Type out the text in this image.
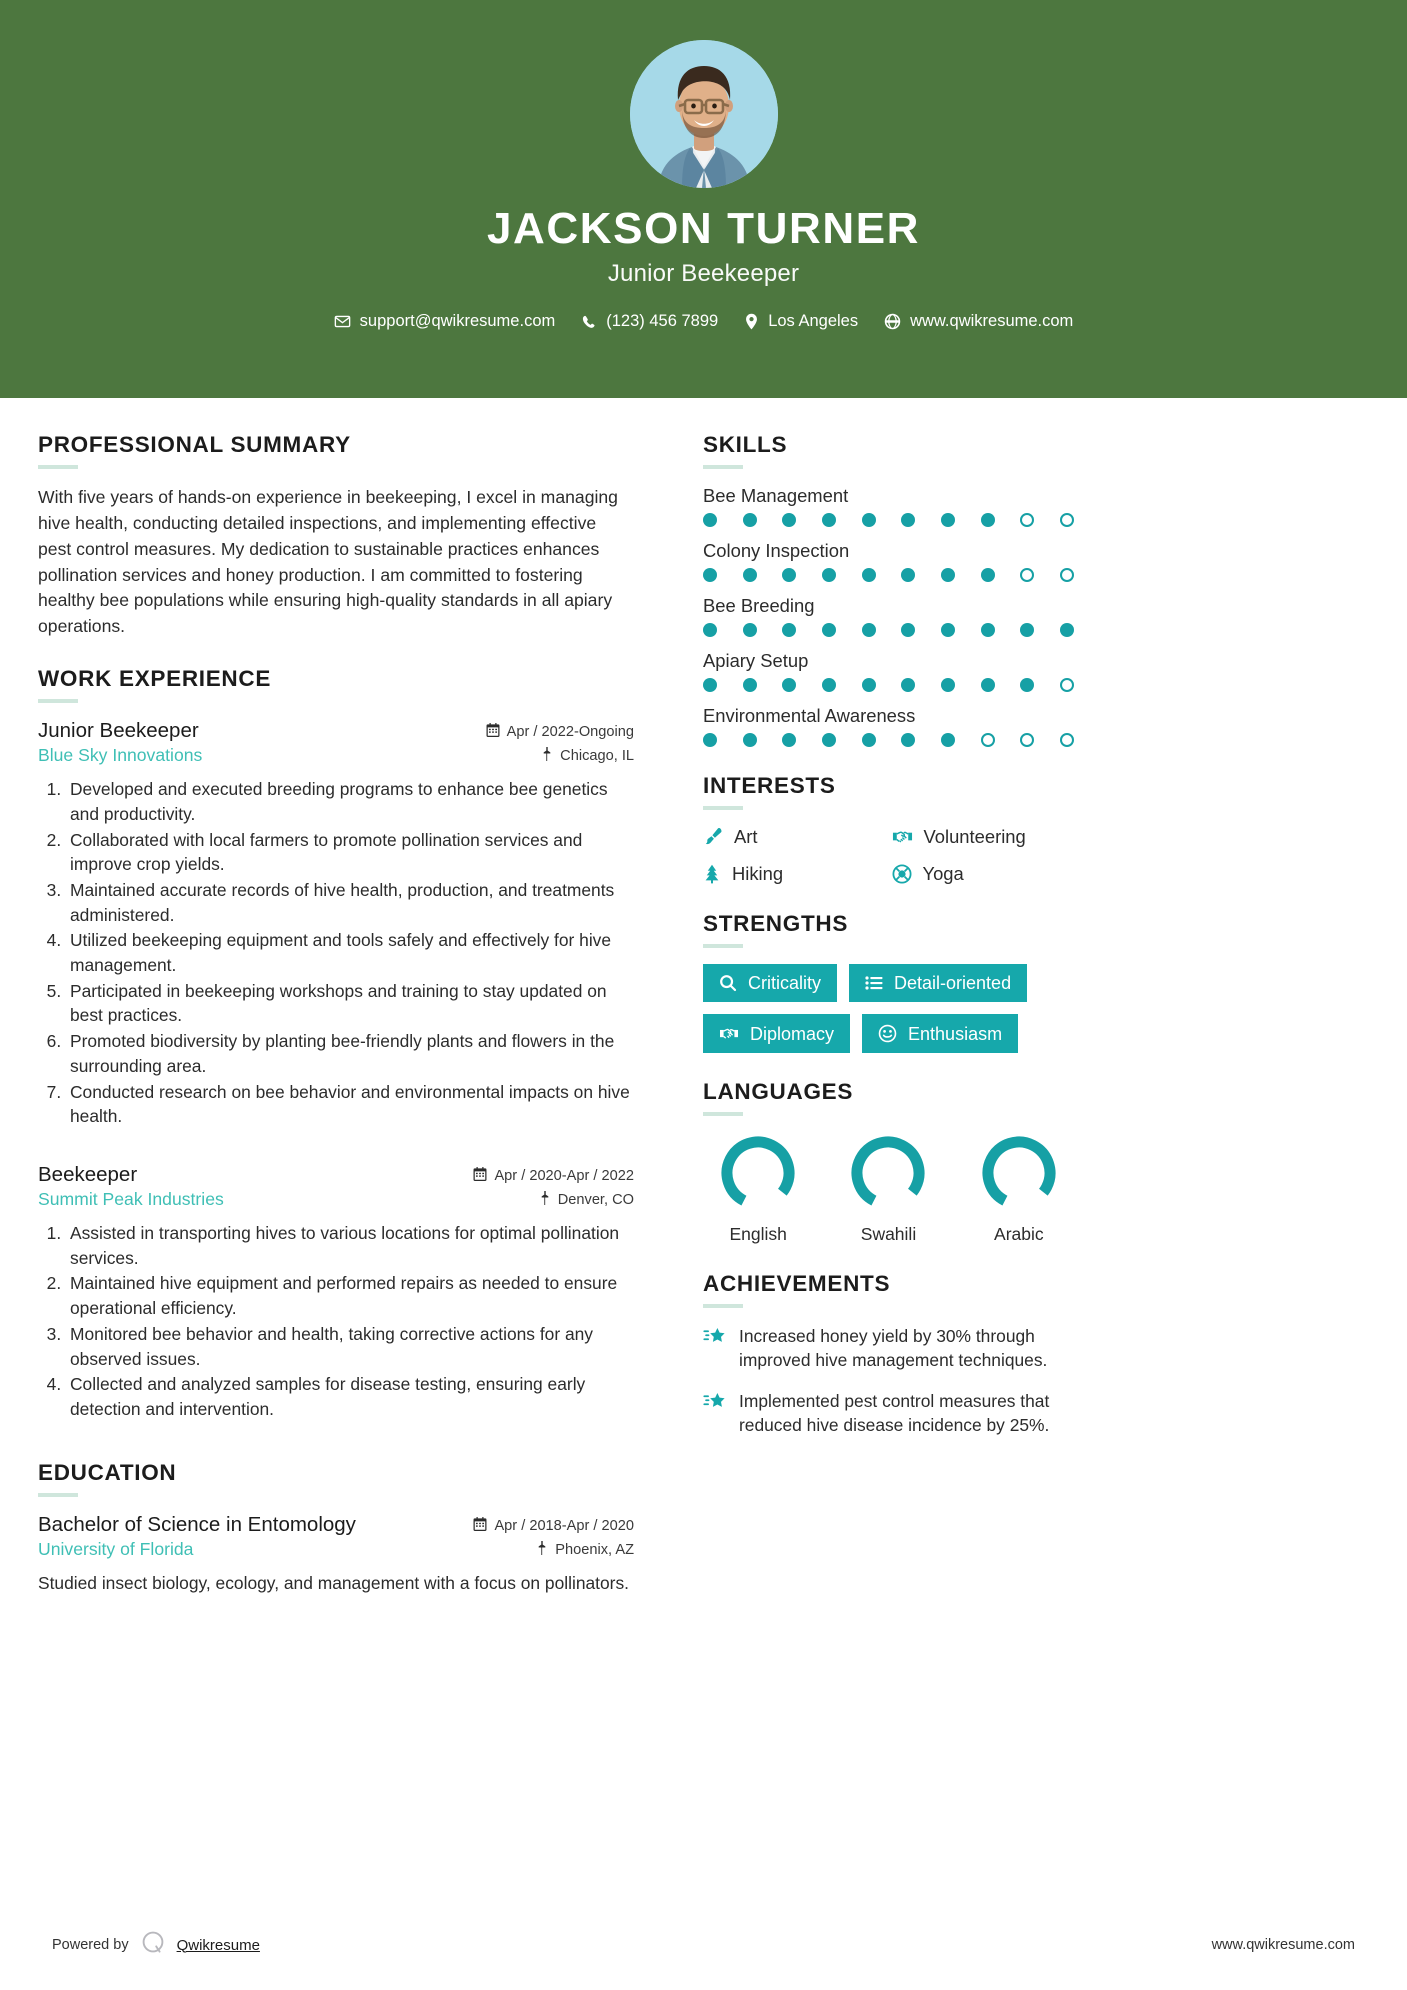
JACKSON TURNER
Junior Beekeeper
support@qwikresume.com	(123) 456 7899	Los Angeles	www.qwikresume.com
PROFESSIONAL SUMMARY
With five years of hands-on experience in beekeeping, I excel in managing hive health, conducting detailed inspections, and implementing effective pest control measures. My dedication to sustainable practices enhances pollination services and honey production. I am committed to fostering healthy bee populations while ensuring high-quality standards in all apiary operations.
WORK EXPERIENCE
Junior Beekeeper	Apr / 2022-Ongoing
Blue Sky Innovations	Chicago, IL
1. Developed and executed breeding programs to enhance bee genetics and productivity.
2. Collaborated with local farmers to promote pollination services and improve crop yields.
3. Maintained accurate records of hive health, production, and treatments administered.
4. Utilized beekeeping equipment and tools safely and effectively for hive management.
5. Participated in beekeeping workshops and training to stay updated on best practices.
6. Promoted biodiversity by planting bee-friendly plants and flowers in the surrounding area.
7. Conducted research on bee behavior and environmental impacts on hive health.
Beekeeper	Apr / 2020-Apr / 2022
Summit Peak Industries	Denver, CO
1. Assisted in transporting hives to various locations for optimal pollination services.
2. Maintained hive equipment and performed repairs as needed to ensure operational efficiency.
3. Monitored bee behavior and health, taking corrective actions for any observed issues.
4. Collected and analyzed samples for disease testing, ensuring early detection and intervention.
EDUCATION
Bachelor of Science in Entomology	Apr / 2018-Apr / 2020
University of Florida	Phoenix, AZ
Studied insect biology, ecology, and management with a focus on pollinators.
SKILLS
Bee Management
Colony Inspection
Bee Breeding
Apiary Setup
Environmental Awareness
INTERESTS
Art	Volunteering
Hiking	Yoga
STRENGTHS
Criticality	Detail-oriented
Diplomacy	Enthusiasm
LANGUAGES
English	Swahili	Arabic
ACHIEVEMENTS
Increased honey yield by 30% through improved hive management techniques.
Implemented pest control measures that reduced hive disease incidence by 25%.
Powered by	Qwikresume	www.qwikresume.com
